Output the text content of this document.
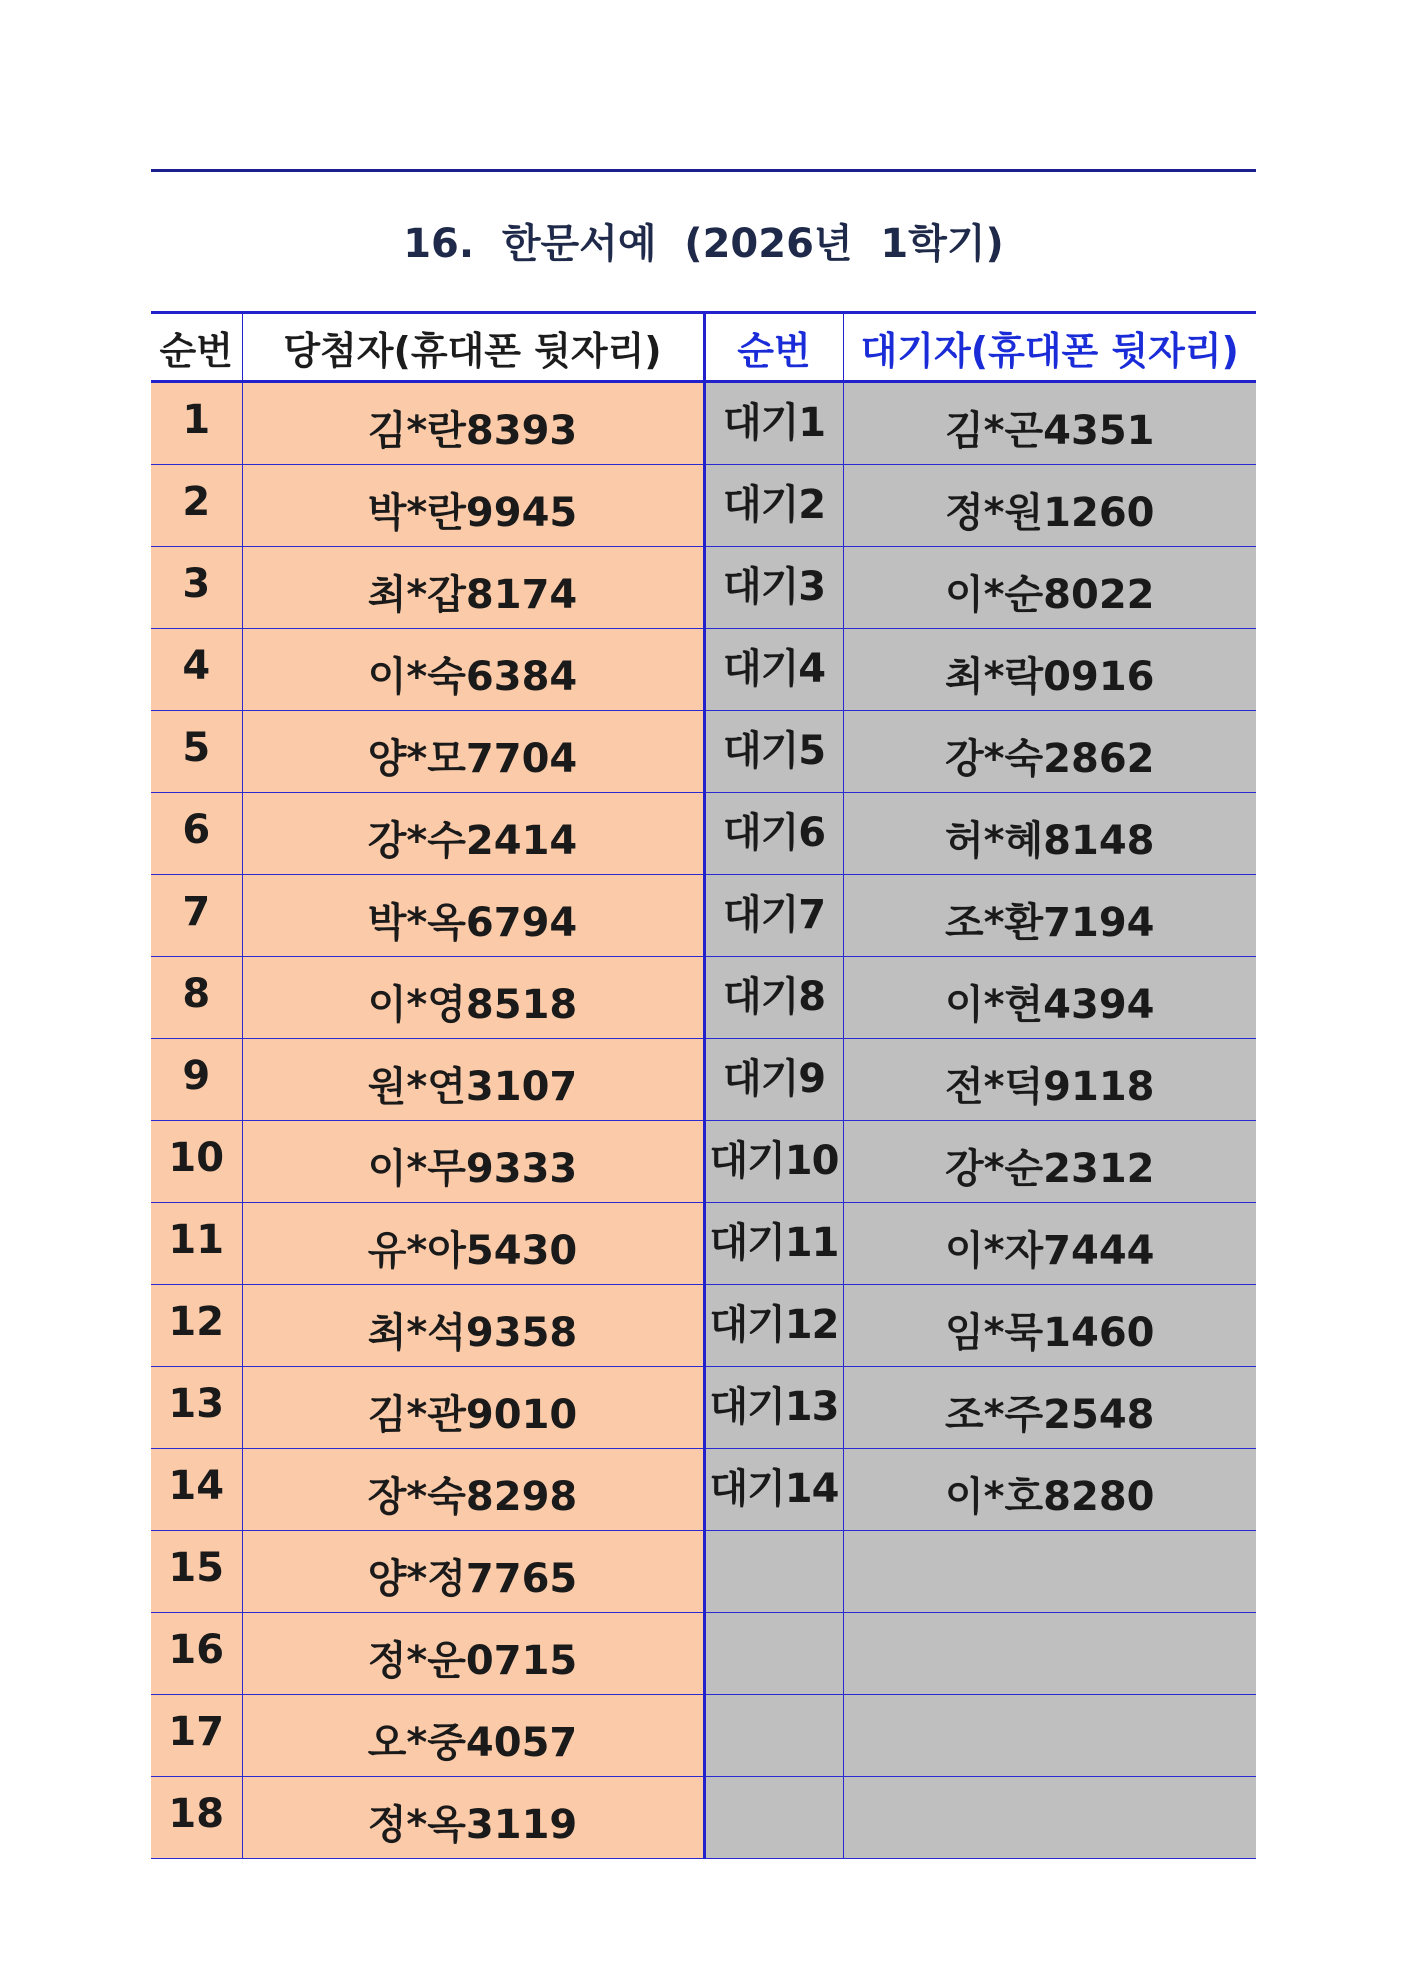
16.  한문서예  (2026년  1학기)
순번	당첨자(휴대폰 뒷자리)	순번	대기자(휴대폰 뒷자리)
1	김*란8393	대기1	김*곤4351
2	박*란9945	대기2	정*원1260
3	최*갑8174	대기3	이*순8022
4	이*숙6384	대기4	최*락0916
5	양*모7704	대기5	강*숙2862
6	강*수2414	대기6	허*혜8148
7	박*옥6794	대기7	조*환7194
8	이*영8518	대기8	이*현4394
9	원*연3107	대기9	전*덕9118
10	이*무9333	대기10	강*순2312
11	유*아5430	대기11	이*자7444
12	최*석9358	대기12	임*묵1460
13	김*관9010	대기13	조*주2548
14	장*숙8298	대기14	이*호8280
15	양*정7765		
16	정*운0715		
17	오*중4057		
18	정*옥3119		
